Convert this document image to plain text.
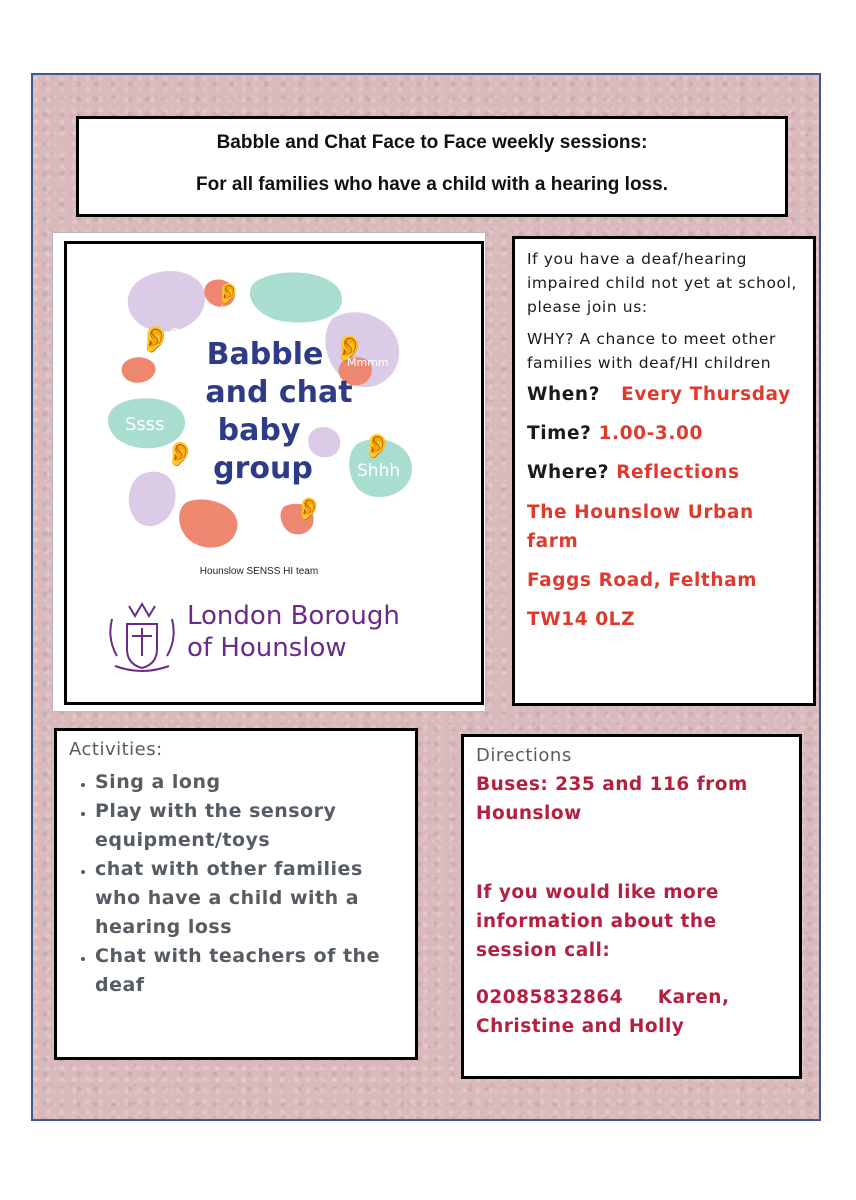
Babble and Chat Face to Face weekly sessions:
For all families who have a child with a hearing loss.
👂
👂
👂
👂	👂
👂
Oooo
Mmmm
Ssss
Shhh
Eeee
Aaaa
Babble
and chat
baby
group
Hounslow SENSS HI team
London Borough
of Hounslow

If you have a deaf/hearing impaired child not yet at school, please join us:

WHY? A chance to meet other families with deaf/HI children

When? Every Thursday

Time? 1.00-3.00

Where? Reflections

The Hounslow Urban farm

Faggs Road, Feltham

TW14 0LZ

Activities:
• Sing a long
• Play with the sensory equipment/toys
• chat with other families who have a child with a hearing loss
• Chat with teachers of the deaf
Directions

Buses: 235 and 116 from Hounslow

If you would like more information about the session call:

02085832864     Karen, Christine and Holly
